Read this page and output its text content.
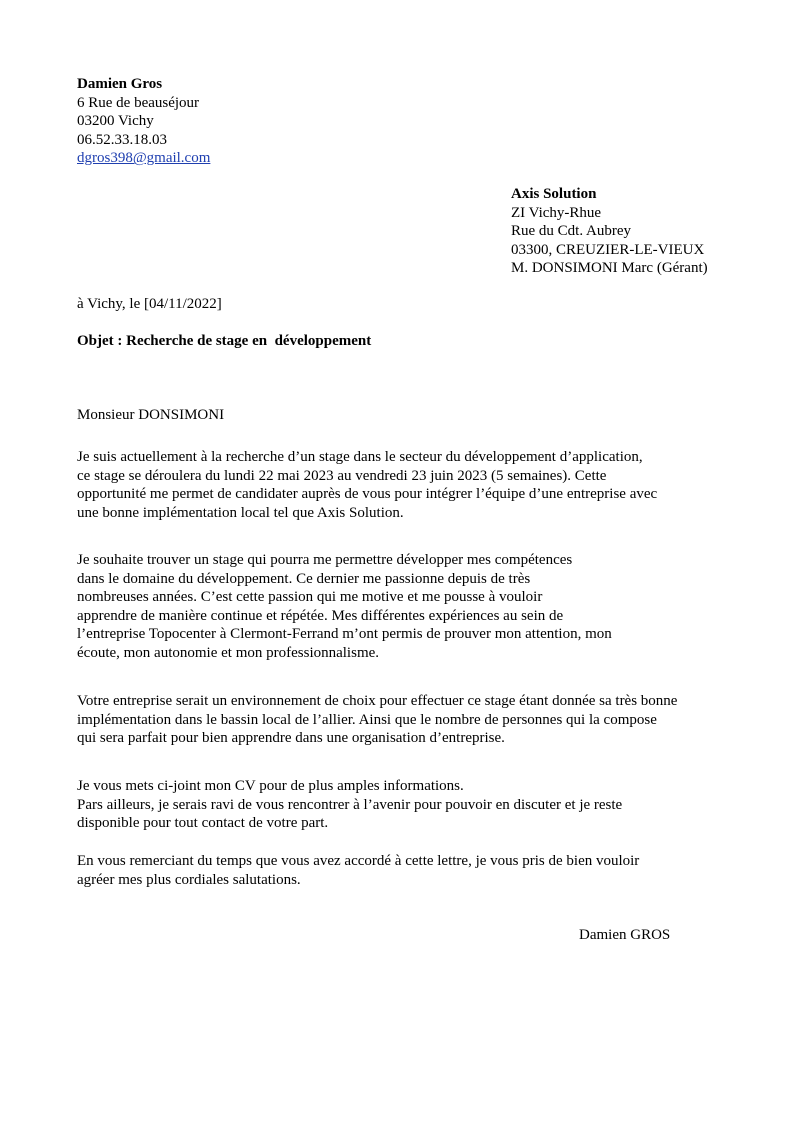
Damien Gros
6 Rue de beauséjour
03200 Vichy
06.52.33.18.03
dgros398@gmail.com
Axis Solution
ZI Vichy-Rhue
Rue du Cdt. Aubrey
03300, CREUZIER-LE-VIEUX
M. DONSIMONI Marc (Gérant)
à Vichy, le [04/11/2022]
Objet : Recherche de stage en  développement
Monsieur DONSIMONI
Je suis actuellement à la recherche d’un stage dans le secteur du développement d’application,
ce stage se déroulera du lundi 22 mai 2023 au vendredi 23 juin 2023 (5 semaines). Cette
opportunité me permet de candidater auprès de vous pour intégrer l’équipe d’une entreprise avec
une bonne implémentation local tel que Axis Solution.
Je souhaite trouver un stage qui pourra me permettre développer mes compétences
dans le domaine du développement. Ce dernier me passionne depuis de très
nombreuses années. C’est cette passion qui me motive et me pousse à vouloir
apprendre de manière continue et répétée. Mes différentes expériences au sein de
l’entreprise Topocenter à Clermont-Ferrand m’ont permis de prouver mon attention, mon
écoute, mon autonomie et mon professionnalisme.
Votre entreprise serait un environnement de choix pour effectuer ce stage étant donnée sa très bonne
implémentation dans le bassin local de l’allier. Ainsi que le nombre de personnes qui la compose
qui sera parfait pour bien apprendre dans une organisation d’entreprise.
Je vous mets ci-joint mon CV pour de plus amples informations.
Pars ailleurs, je serais ravi de vous rencontrer à l’avenir pour pouvoir en discuter et je reste
disponible pour tout contact de votre part.
En vous remerciant du temps que vous avez accordé à cette lettre, je vous pris de bien vouloir
agréer mes plus cordiales salutations.
Damien GROS
